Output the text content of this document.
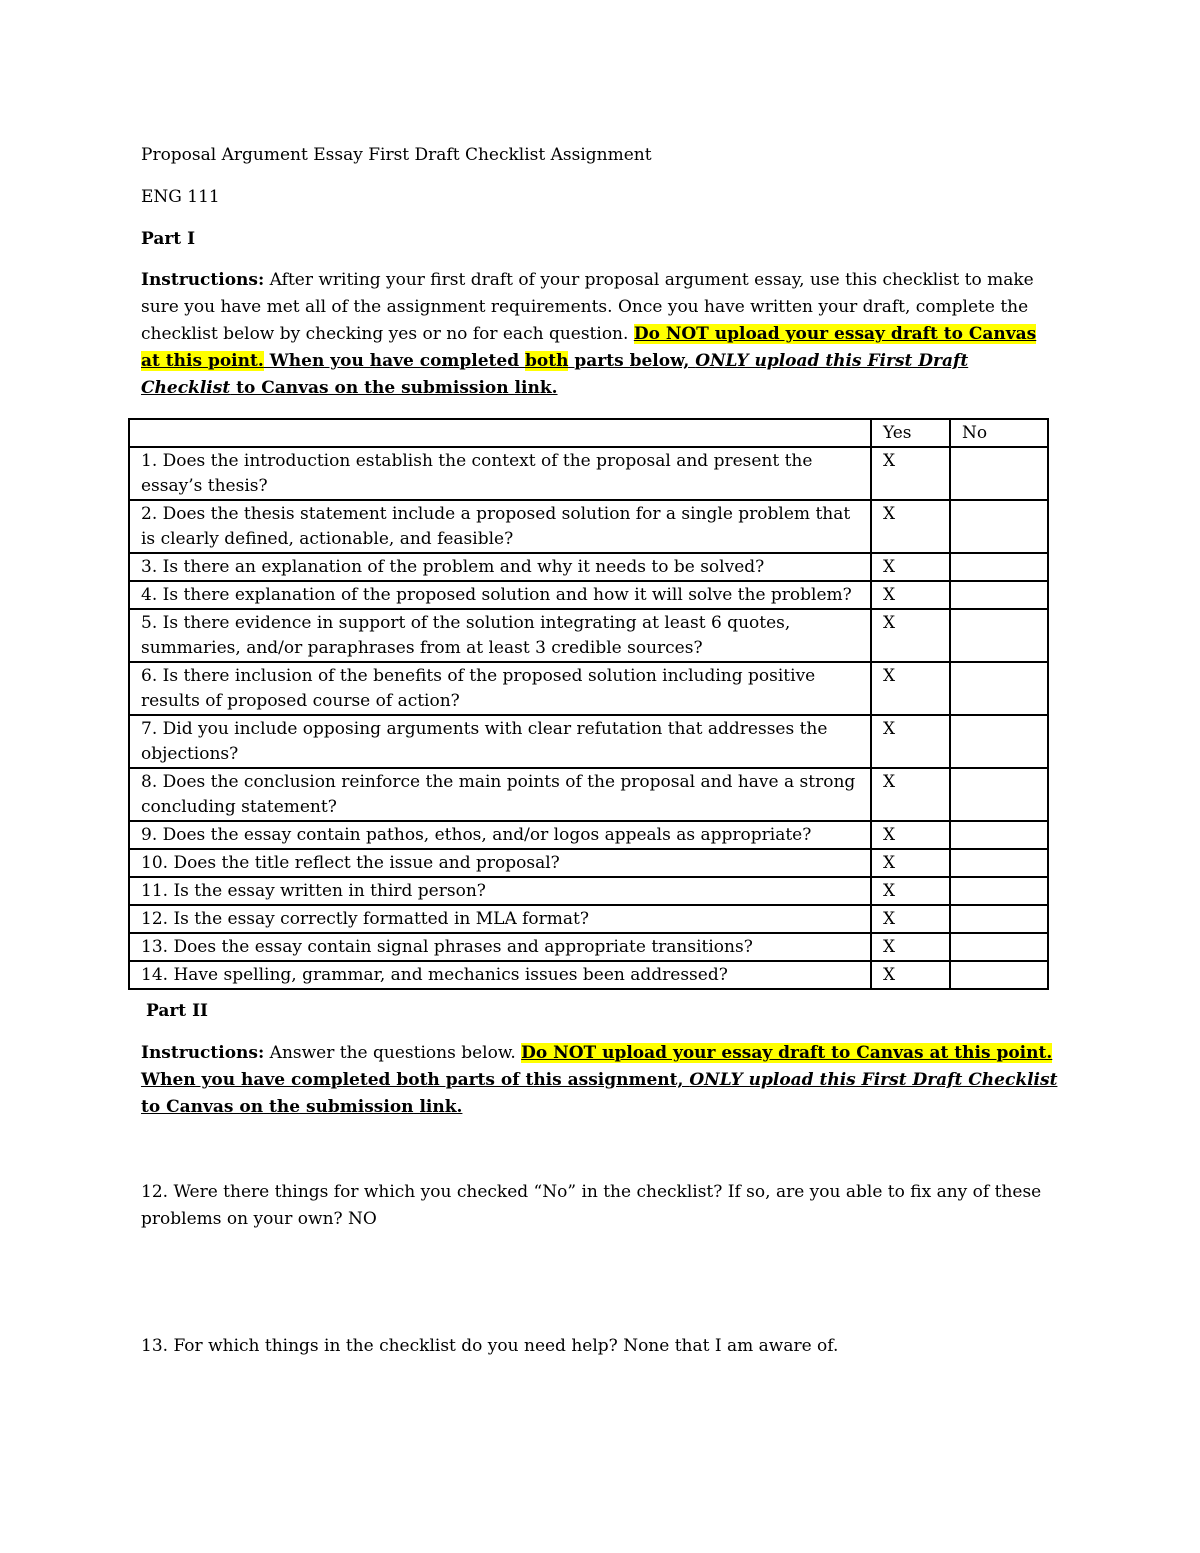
Proposal Argument Essay First Draft Checklist Assignment

ENG 111

Part I

Instructions: After writing your first draft of your proposal argument essay, use this checklist to make sure you have met all of the assignment requirements. Once you have written your draft, complete the checklist below by checking yes or no for each question. Do NOT upload your essay draft to Canvas at this point. When you have completed both parts below, ONLY upload this First Draft Checklist to Canvas on the submission link.

	Yes	No
1. Does the introduction establish the context of the proposal and present the essay’s thesis?	X	
2. Does the thesis statement include a proposed solution for a single problem that is clearly defined, actionable, and feasible?	X	
3. Is there an explanation of the problem and why it needs to be solved?	X	
4. Is there explanation of the proposed solution and how it will solve the problem?	X	
5. Is there evidence in support of the solution integrating at least 6 quotes, summaries, and/or paraphrases from at least 3 credible sources?	X	
6. Is there inclusion of the benefits of the proposed solution including positive results of proposed course of action?	X	
7. Did you include opposing arguments with clear refutation that addresses the objections?	X	
8. Does the conclusion reinforce the main points of the proposal and have a strong concluding statement?	X	
9. Does the essay contain pathos, ethos, and/or logos appeals as appropriate?	X	
10. Does the title reflect the issue and proposal?	X	
11. Is the essay written in third person?	X	
12. Is the essay correctly formatted in MLA format?	X	
13. Does the essay contain signal phrases and appropriate transitions?	X	
14. Have spelling, grammar, and mechanics issues been addressed?	X	

Part II

Instructions: Answer the questions below. Do NOT upload your essay draft to Canvas at this point. When you have completed both parts of this assignment, ONLY upload this First Draft Checklist to Canvas on the submission link.

12. Were there things for which you checked “No” in the checklist? If so, are you able to fix any of these problems on your own? NO

13. For which things in the checklist do you need help? None that I am aware of.
